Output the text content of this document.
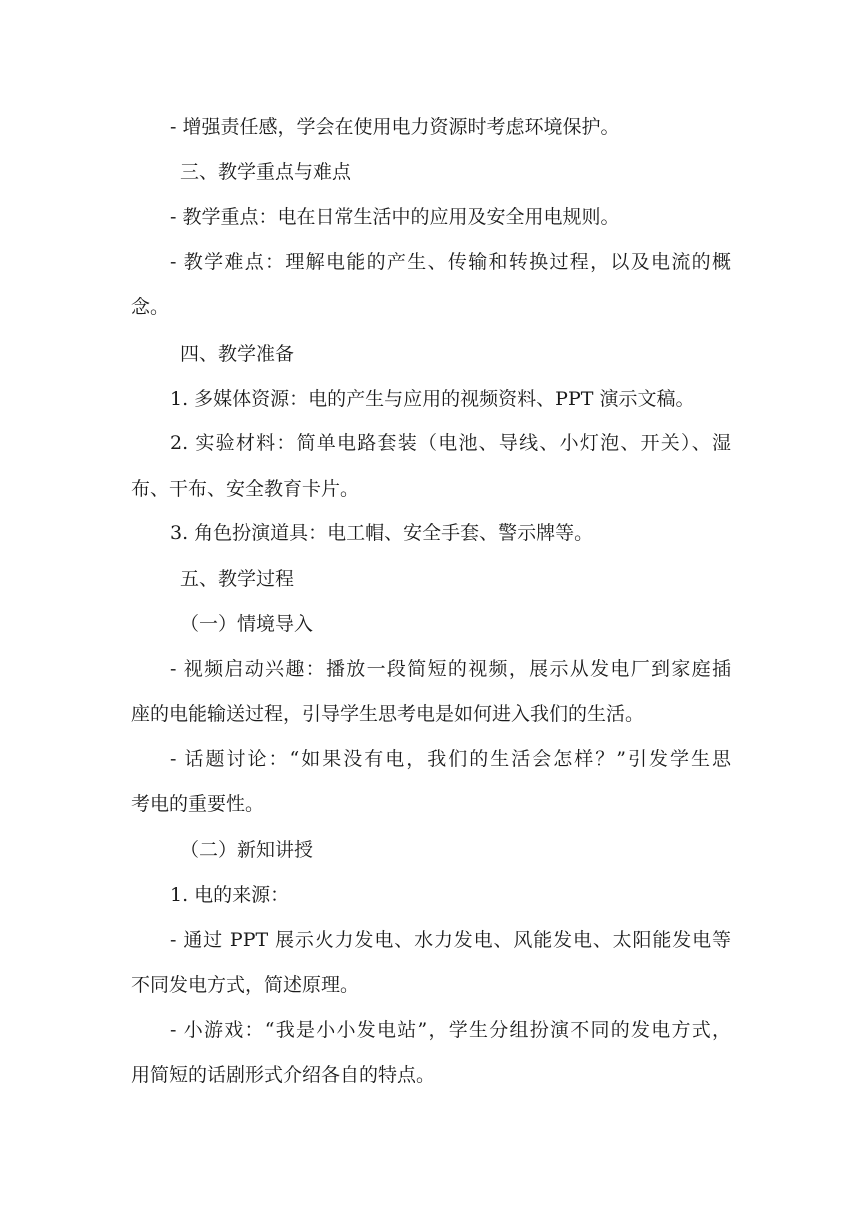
- 增强责任感，学会在使用电力资源时考虑环境保护。
三、教学重点与难点
- 教学重点：电在日常生活中的应用及安全用电规则。
- 教学难点：理解电能的产生、传输和转换过程，以及电流的概
念。
四、教学准备
1. 多媒体资源：电的产生与应用的视频资料、PPT 演示文稿。
2. 实验材料：简单电路套装（电池、导线、小灯泡、开关）、湿
布、干布、安全教育卡片。
3. 角色扮演道具：电工帽、安全手套、警示牌等。
五、教学过程
（一）情境导入
- 视频启动兴趣：播放一段简短的视频，展示从发电厂到家庭插
座的电能输送过程，引导学生思考电是如何进入我们的生活。
- 话题讨论：“如果没有电，我们的生活会怎样？”引发学生思
考电的重要性。
（二）新知讲授
1. 电的来源：
- 通过 PPT 展示火力发电、水力发电、风能发电、太阳能发电等
不同发电方式，简述原理。
- 小游戏：“我是小小发电站”，学生分组扮演不同的发电方式，
用简短的话剧形式介绍各自的特点。
